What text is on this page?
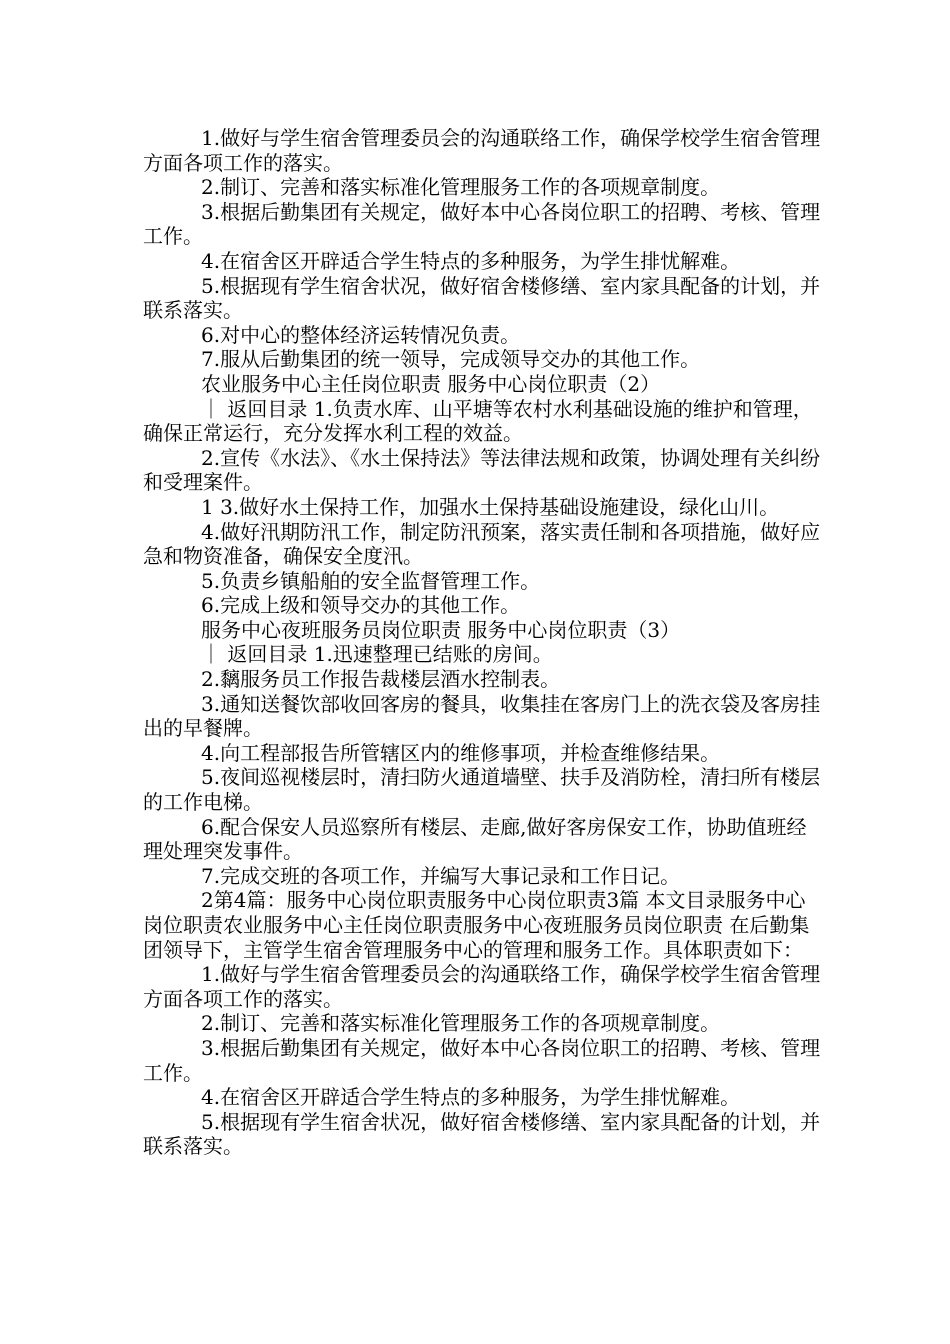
1.做好与学生宿舍管理委员会的沟通联络工作，确保学校学生宿舍管理方面各项工作的落实。

2.制订、完善和落实标准化管理服务工作的各项规章制度。

3.根据后勤集团有关规定，做好本中心各岗位职工的招聘、考核、管理工作。

4.在宿舍区开辟适合学生特点的多种服务，为学生排忧解难。

5.根据现有学生宿舍状况，做好宿舍楼修缮、室内家具配备的计划，并联系落实。

6.对中心的整体经济运转情况负责。

7.服从后勤集团的统一领导，完成领导交办的其他工作。

农业服务中心主任岗位职责 服务中心岗位职责（2）

｜ 返回目录 1.负责水库、山平塘等农村水利基础设施的维护和管理，确保正常运行，充分发挥水利工程的效益。

2.宣传《水法》、《水土保持法》等法律法规和政策，协调处理有关纠纷和受理案件。

1 3.做好水土保持工作，加强水土保持基础设施建设，绿化山川。

4.做好汛期防汛工作，制定防汛预案，落实责任制和各项措施，做好应急和物资准备，确保安全度汛。

5.负责乡镇船舶的安全监督管理工作。

6.完成上级和领导交办的其他工作。

服务中心夜班服务员岗位职责 服务中心岗位职责（3）

｜ 返回目录 1.迅速整理已结账的房间。

2.黐服务员工作报告裁楼层酒水控制表。

3.通知送餐饮部收回客房的餐具，收集挂在客房门上的洗衣袋及客房挂出的早餐牌。

4.向工程部报告所管辖区内的维修事项，并检查维修结果。

5.夜间巡视楼层时，清扫防火通道墙壁、扶手及消防栓，清扫所有楼层的工作电梯。

6.配合保安人员巡察所有楼层、走廊,做好客房保安工作，协助值班经理处理突发事件。

7.完成交班的各项工作，并编写大事记录和工作日记。

2第4篇：服务中心岗位职责服务中心岗位职责3篇 本文目录服务中心岗位职责农业服务中心主任岗位职责服务中心夜班服务员岗位职责 在后勤集团领导下，主管学生宿舍管理服务中心的管理和服务工作。具体职责如下：

1.做好与学生宿舍管理委员会的沟通联络工作，确保学校学生宿舍管理方面各项工作的落实。

2.制订、完善和落实标准化管理服务工作的各项规章制度。

3.根据后勤集团有关规定，做好本中心各岗位职工的招聘、考核、管理工作。

4.在宿舍区开辟适合学生特点的多种服务，为学生排忧解难。

5.根据现有学生宿舍状况，做好宿舍楼修缮、室内家具配备的计划，并联系落实。
